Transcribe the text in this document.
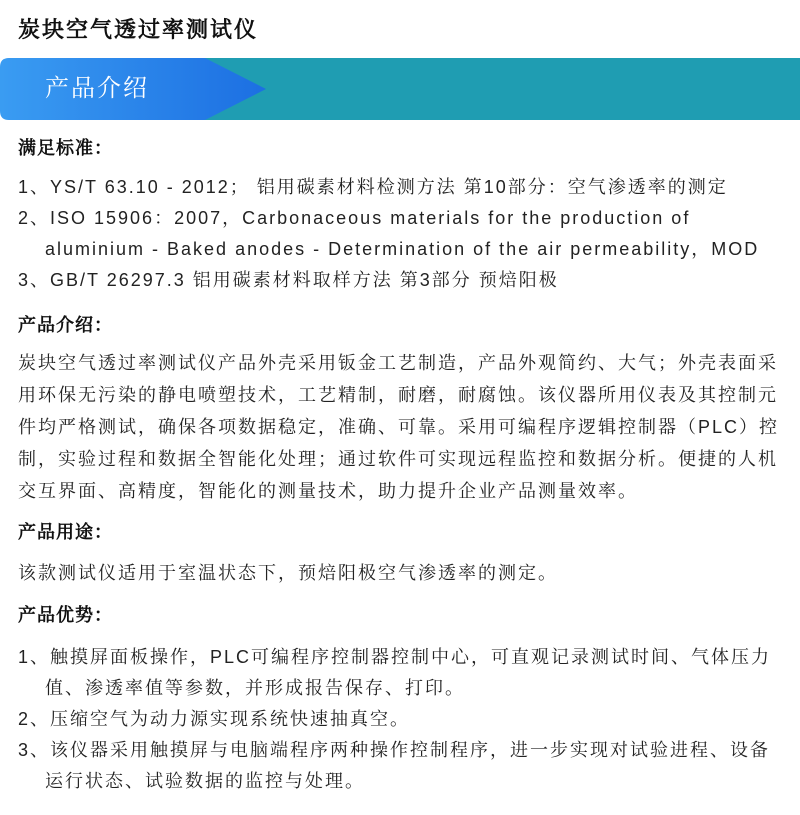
炭块空气透过率测试仪
产品介绍
满足标准：
1、YS/T 63.10 - 2012； 铝用碳素材料检测方法 第10部分：空气渗透率的测定
2、ISO 15906：2007，Carbonaceous materials for the production of
aluminium - Baked anodes - Determination of the air permeability，MOD
3、GB/T 26297.3 铝用碳素材料取样方法 第3部分 预焙阳极
产品介绍：
炭块空气透过率测试仪产品外壳采用钣金工艺制造，产品外观简约、大气；外壳表面采
用环保无污染的静电喷塑技术，工艺精制，耐磨，耐腐蚀。该仪器所用仪表及其控制元
件均严格测试，确保各项数据稳定，准确、可靠。采用可编程序逻辑控制器（PLC）控
制，实验过程和数据全智能化处理；通过软件可实现远程监控和数据分析。便捷的人机
交互界面、高精度，智能化的测量技术，助力提升企业产品测量效率。
产品用途：
该款测试仪适用于室温状态下，预焙阳极空气渗透率的测定。
产品优势：
1、触摸屏面板操作，PLC可编程序控制器控制中心，可直观记录测试时间、气体压力
值、渗透率值等参数，并形成报告保存、打印。
2、压缩空气为动力源实现系统快速抽真空。
3、该仪器采用触摸屏与电脑端程序两种操作控制程序，进一步实现对试验进程、设备
运行状态、试验数据的监控与处理。
